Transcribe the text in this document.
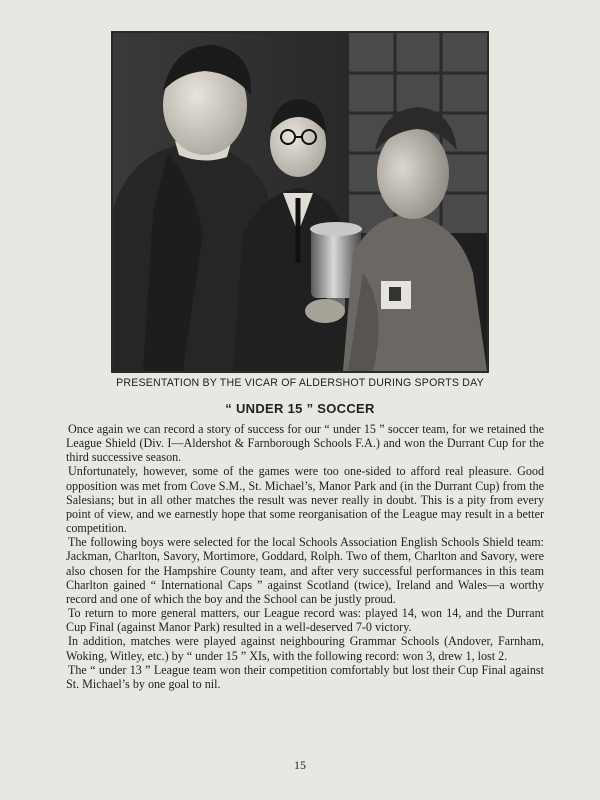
PRESENTATION BY THE VICAR OF ALDERSHOT DURING SPORTS DAY
“ UNDER 15 ” SOCCER

Once again we can record a story of success for our “ under 15 ” soccer team, for we retained the League Shield (Div. I—Aldershot & Farnborough Schools F.A.) and won the Durrant Cup for the third successive season.

Unfortunately, however, some of the games were too one-sided to afford real pleasure. Good opposition was met from Cove S.M., St. Michael’s, Manor Park and (in the Durrant Cup) from the Salesians; but in all other matches the result was never really in doubt. This is a pity from every point of view, and we earnestly hope that some reorganisation of the League may result in a better competition.

The following boys were selected for the local Schools Association English Schools Shield team: Jackman, Charlton, Savory, Mortimore, Goddard, Rolph. Two of them, Charlton and Savory, were also chosen for the Hampshire County team, and after very successful performances in this team Charlton gained “ International Caps ” against Scotland (twice), Ireland and Wales—a worthy record and one of which the boy and the School can be justly proud.

To return to more general matters, our League record was: played 14, won 14, and the Durrant Cup Final (against Manor Park) resulted in a well-deserved 7-0 victory.

In addition, matches were played against neighbouring Grammar Schools (Andover, Farnham, Woking, Witley, etc.) by “ under 15 ” XIs, with the following record: won 3, drew 1, lost 2.

The “ under 13 ” League team won their competition comfortably but lost their Cup Final against St. Michael’s by one goal to nil.

15
